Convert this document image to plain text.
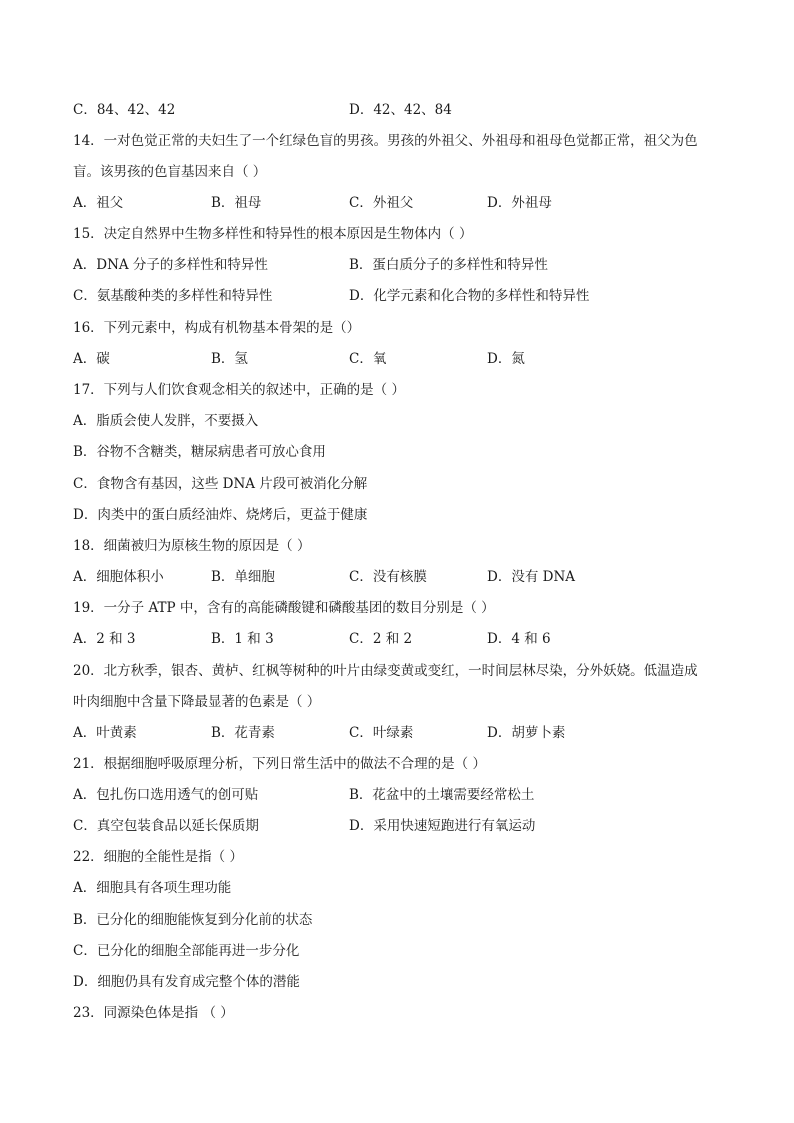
C．84、42、42	D．42、42、84
14．一对色觉正常的夫妇生了一个红绿色盲的男孩。男孩的外祖父、外祖母和祖母色觉都正常，祖父为色
盲。该男孩的色盲基因来自（ ）
A．祖父	B．祖母	C．外祖父	D．外祖母
15．决定自然界中生物多样性和特异性的根本原因是生物体内（ ）
A．DNA 分子的多样性和特异性	B．蛋白质分子的多样性和特异性
C．氨基酸种类的多样性和特异性	D．化学元素和化合物的多样性和特异性
16．下列元素中，构成有机物基本骨架的是（）
A．碳	B．氢	C．氧	D．氮
17．下列与人们饮食观念相关的叙述中，正确的是（ ）
A．脂质会使人发胖，不要摄入
B．谷物不含糖类，糖尿病患者可放心食用
C．食物含有基因，这些 DNA 片段可被消化分解
D．肉类中的蛋白质经油炸、烧烤后，更益于健康
18．细菌被归为原核生物的原因是（ ）
A．细胞体积小	B．单细胞	C．没有核膜	D．没有 DNA
19．一分子 ATP 中，含有的高能磷酸键和磷酸基团的数目分别是（ ）
A．2 和 3	B．1 和 3	C．2 和 2	D．4 和 6
20．北方秋季，银杏、黄栌、红枫等树种的叶片由绿变黄或变红，一时间层林尽染，分外妖娆。低温造成
叶肉细胞中含量下降最显著的色素是（ ）
A．叶黄素	B．花青素	C．叶绿素	D．胡萝卜素
21．根据细胞呼吸原理分析，下列日常生活中的做法不合理的是（ ）
A．包扎伤口选用透气的创可贴	B．花盆中的土壤需要经常松土
C．真空包装食品以延长保质期	D．采用快速短跑进行有氧运动
22．细胞的全能性是指（ ）
A．细胞具有各项生理功能
B．已分化的细胞能恢复到分化前的状态
C．已分化的细胞全部能再进一步分化
D．细胞仍具有发育成完整个体的潜能
23．同源染色体是指 （ ）
